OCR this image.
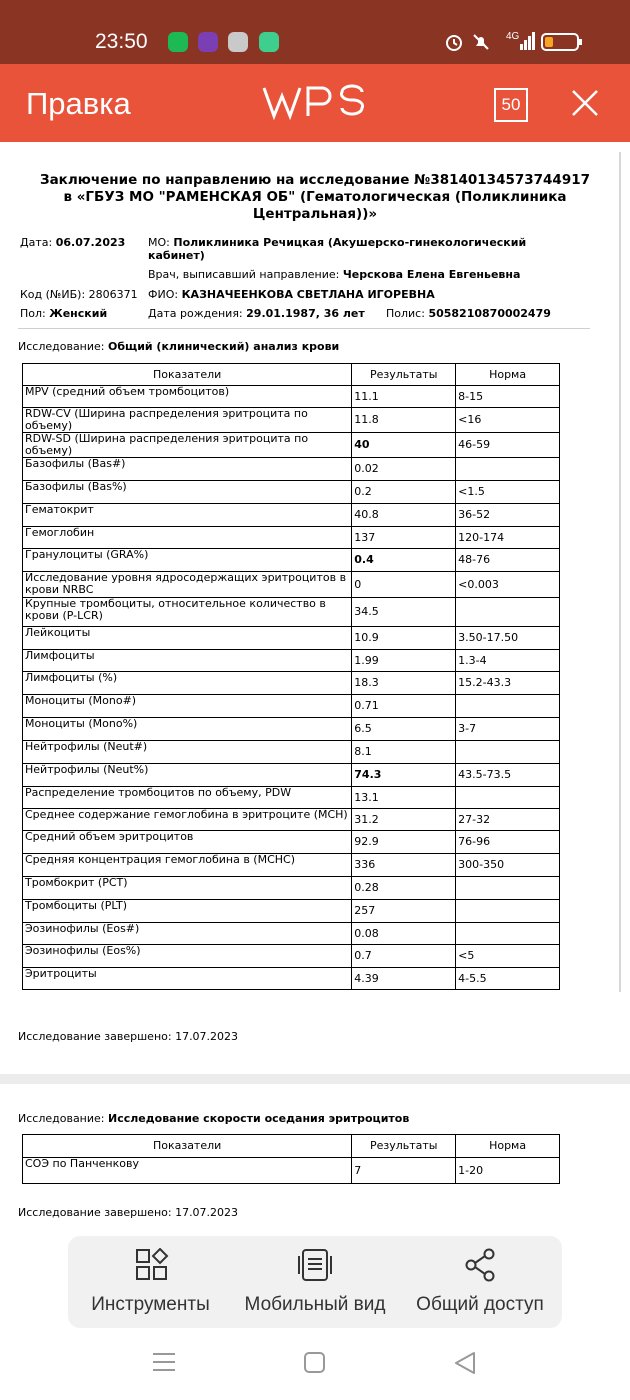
23:50	4G
Правка	50
Заключение по направлению на исследование №38140134573744917
в «ГБУЗ МО "РАМЕНСКАЯ ОБ" (Гематологическая (Поликлиника
Центральная))»
Дата: 06.07.2023 МО: Поликлиника Речицкая (Акушерско-гинекологический
кабинет)
Врач, выписавший направление: Черскова Елена Евгеньевна
Код (№ИБ): 2806371 ФИО: КАЗНАЧЕЕНКОВА СВЕТЛАНА ИГОРЕВНА
Пол: Женский	Дата рождения: 29.01.1987, 36 лет Полис: 5058210870002479
Исследование: Общий (клинический) анализ крови
Показатели	Результаты	Норма
MPV (средний объем тромбоцитов)	11.1	8-15
RDW-CV (Ширина распределения эритроцита по объему)	11.8	<16
RDW-SD (Ширина распределения эритроцита по объему)	40	46-59
Базофилы (Bas#)	0.02	
Базофилы (Bas%)	0.2	<1.5
Гематокрит	40.8	36-52
Гемоглобин	137	120-174
Гранулоциты (GRA%)	0.4	48-76
Исследование уровня ядросодержащих эритроцитов в крови NRBC	0	<0.003
Крупные тромбоциты, относительное количество в крови (P-LCR)	34.5	
Лейкоциты	10.9	3.50-17.50
Лимфоциты	1.99	1.3-4
Лимфоциты (%)	18.3	15.2-43.3
Моноциты (Mono#)	0.71	
Моноциты (Mono%)	6.5	3-7
Нейтрофилы (Neut#)	8.1	
Нейтрофилы (Neut%)	74.3	43.5-73.5
Распределение тромбоцитов по объему, PDW	13.1	
Среднее содержание гемоглобина в эритроците (MCH)	31.2	27-32
Средний объем эритроцитов	92.9	76-96
Средняя концентрация гемоглобина в (MCHC)	336	300-350
Тромбокрит (PCT)	0.28	
Тромбоциты (PLT)	257	
Эозинофилы (Eos#)	0.08	
Эозинофилы (Eos%)	0.7	<5
Эритроциты	4.39	4-5.5
Исследование завершено: 17.07.2023
Исследование: Исследование скорости оседания эритроцитов
Показатели	Результаты	Норма
СОЭ по Панченкову	7	1-20
Исследование завершено: 17.07.2023
Инструменты	Мобильный вид	Общий доступ
